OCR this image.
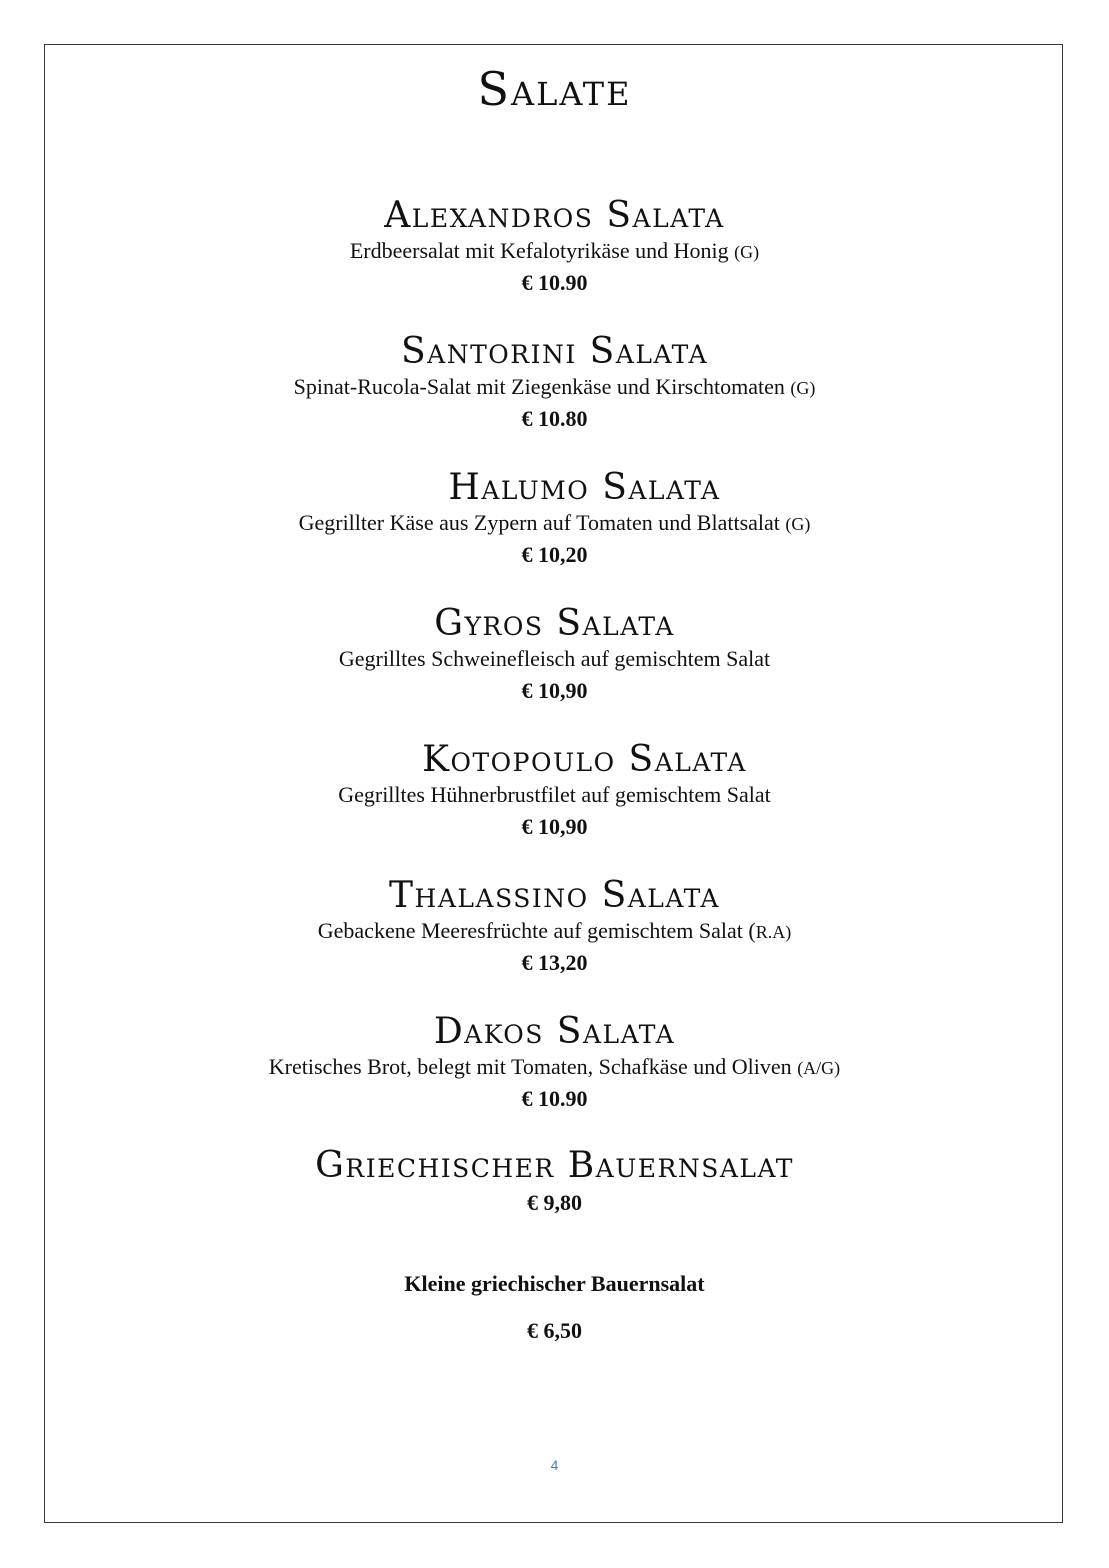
Salate
Alexandros Salata
Erdbeersalat mit Kefalotyrikäse und Honig (G)
€ 10.90
Santorini Salata
Spinat-Rucola-Salat mit Ziegenkäse und Kirschtomaten (G)
€ 10.80
Halumo Salata
Gegrillter Käse aus Zypern auf Tomaten und Blattsalat (G)
€ 10,20
Gyros Salata
Gegrilltes Schweinefleisch auf gemischtem Salat
€ 10,90
Kotopoulo Salata
Gegrilltes Hühnerbrustfilet auf gemischtem Salat
€ 10,90
Thalassino Salata
Gebackene Meeresfrüchte auf gemischtem Salat (R.A)
€ 13,20
Dakos Salata
Kretisches Brot, belegt mit Tomaten, Schafkäse und Oliven (A/G)
€ 10.90
Griechischer Bauernsalat
€ 9,80
Kleine griechischer Bauernsalat
€ 6,50
4
